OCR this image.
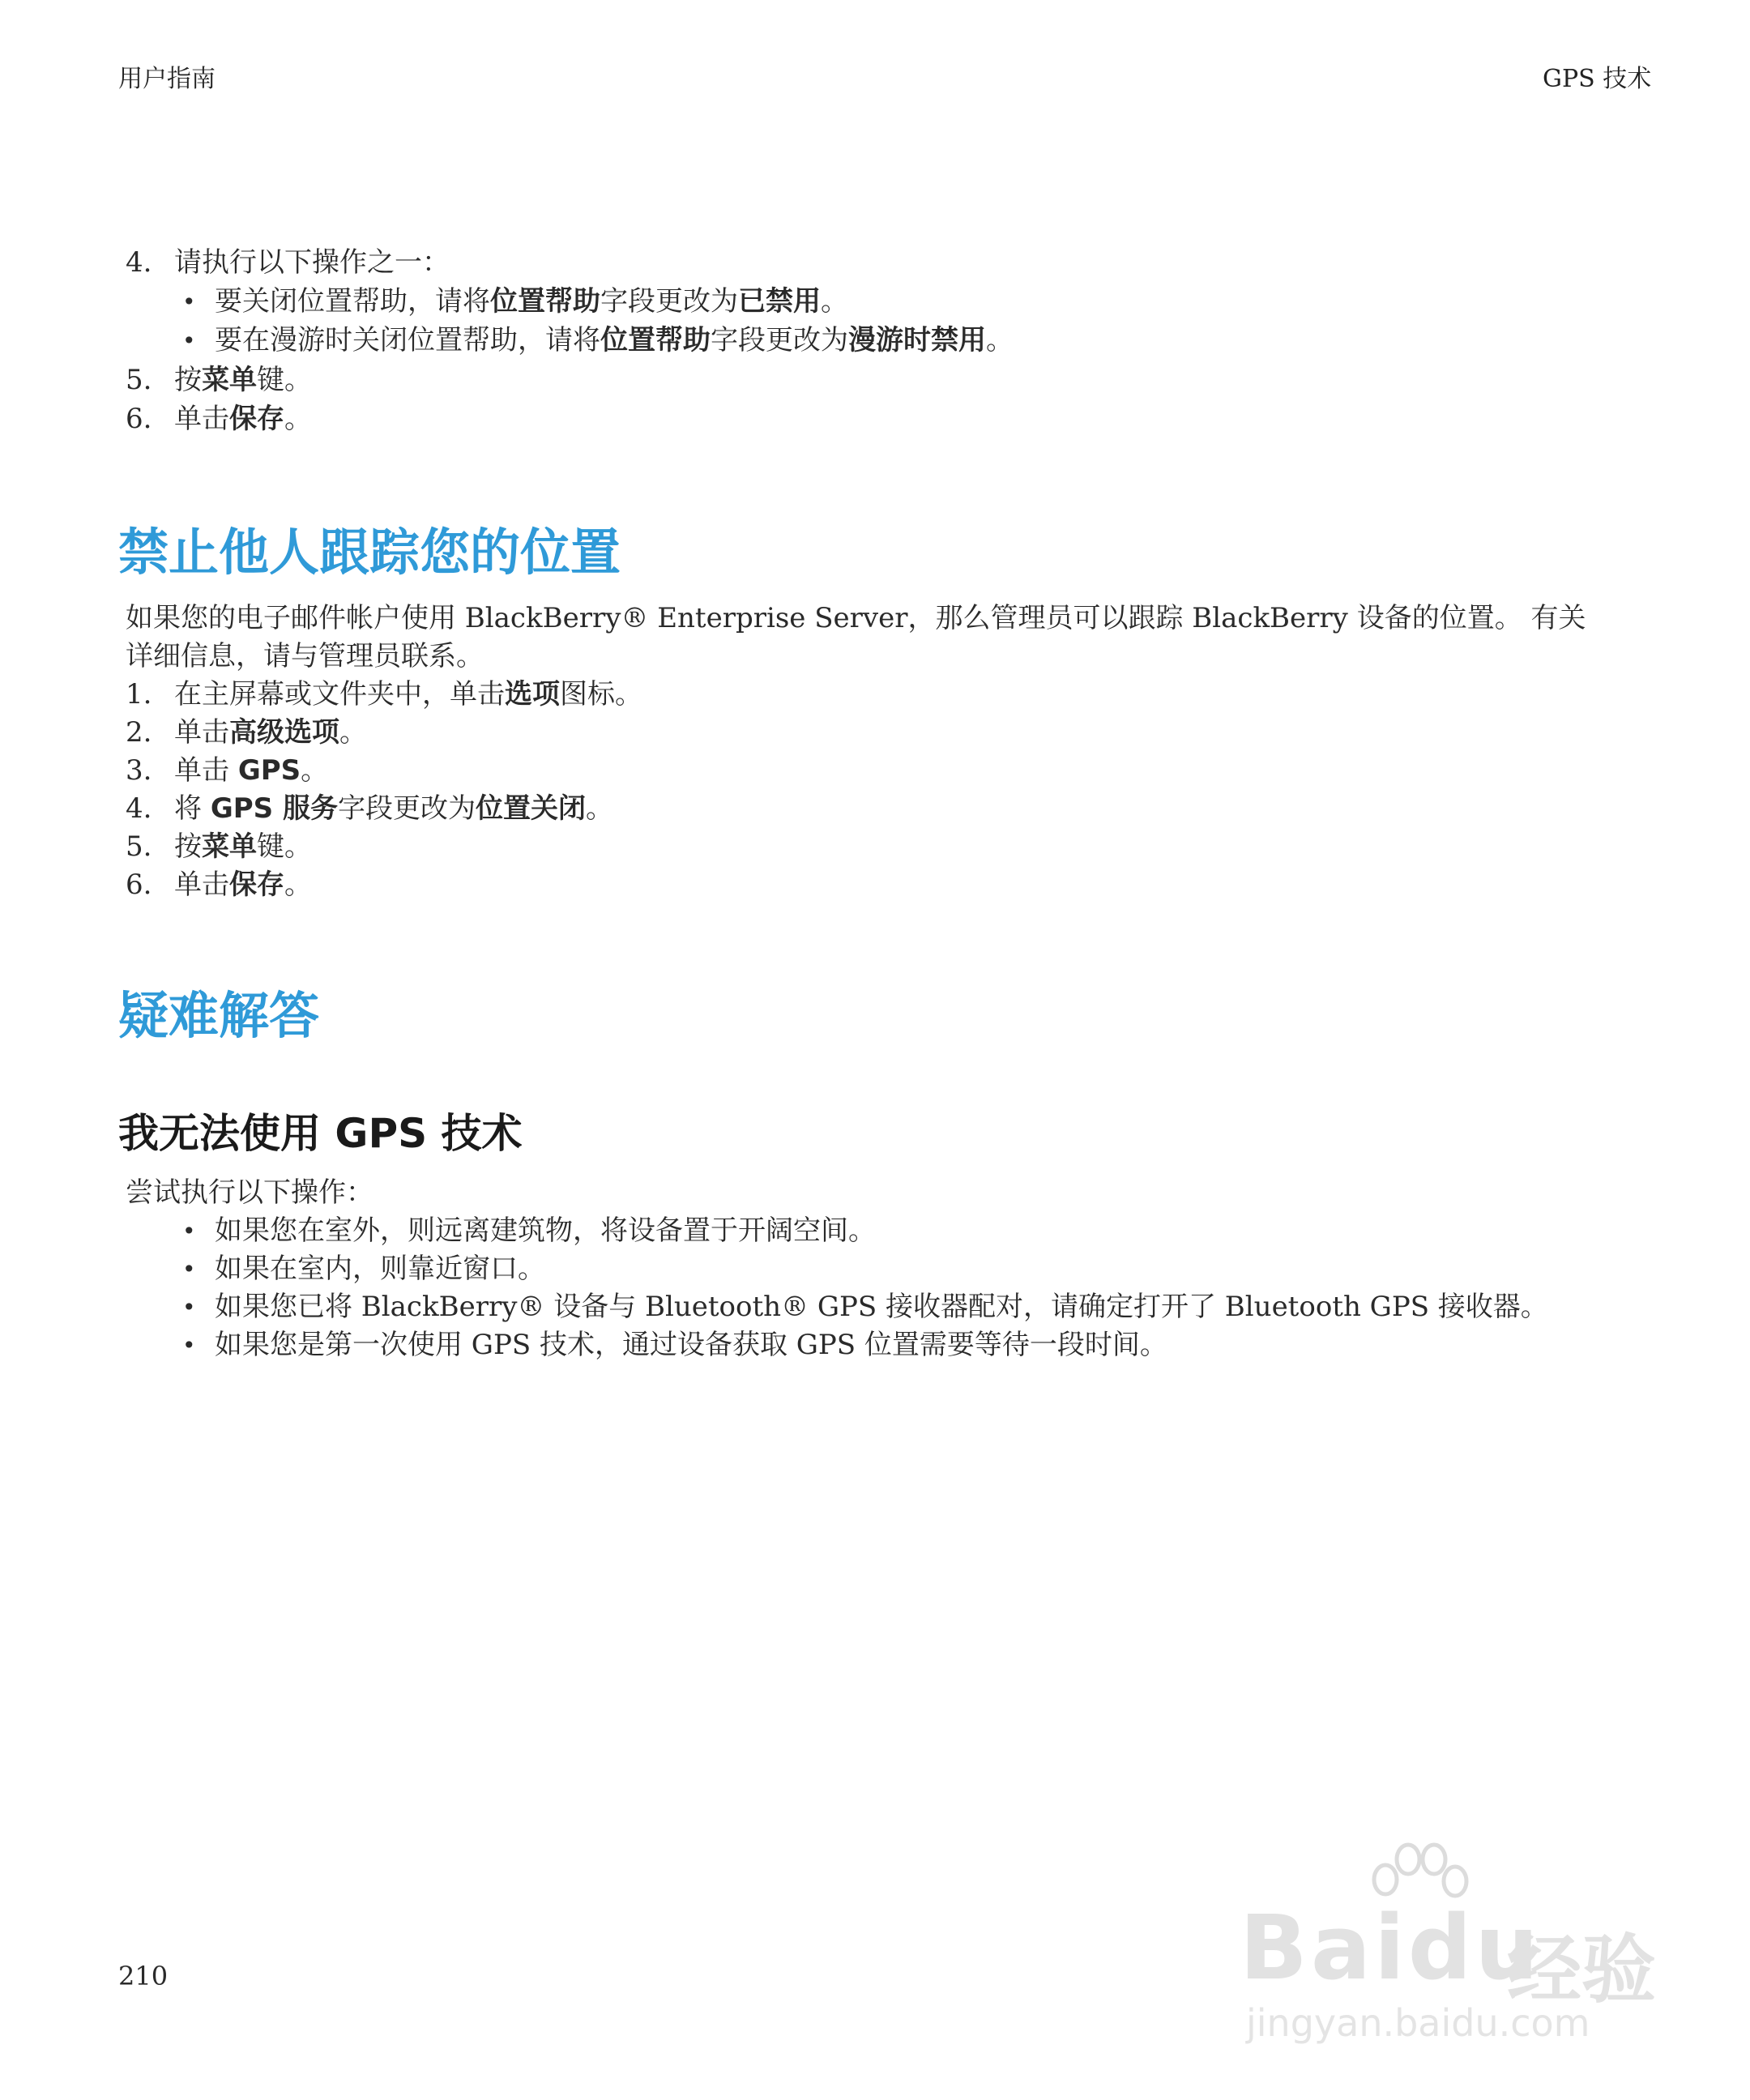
用户指南	GPS 技术
4. 请执行以下操作之一：
• 要关闭位置帮助，请将位置帮助字段更改为已禁用。
• 要在漫游时关闭位置帮助，请将位置帮助字段更改为漫游时禁用。
5. 按菜单键。
6. 单击保存。
禁止他人跟踪您的位置
如果您的电子邮件帐户使用 BlackBerry® Enterprise Server，那么管理员可以跟踪 BlackBerry 设备的位置。 有关
详细信息，请与管理员联系。
1. 在主屏幕或文件夹中，单击选项图标。
2. 单击高级选项。
3. 单击 GPS。
4. 将 GPS 服务字段更改为位置关闭。
5. 按菜单键。
6. 单击保存。
疑难解答
我无法使用 GPS 技术
尝试执行以下操作：
• 如果您在室外，则远离建筑物，将设备置于开阔空间。
• 如果在室内，则靠近窗口。
• 如果您已将 BlackBerry® 设备与 Bluetooth® GPS 接收器配对，请确定打开了 Bluetooth GPS 接收器。
• 如果您是第一次使用 GPS 技术，通过设备获取 GPS 位置需要等待一段时间。
210	Baidu
经验
jingyan.baidu.com
